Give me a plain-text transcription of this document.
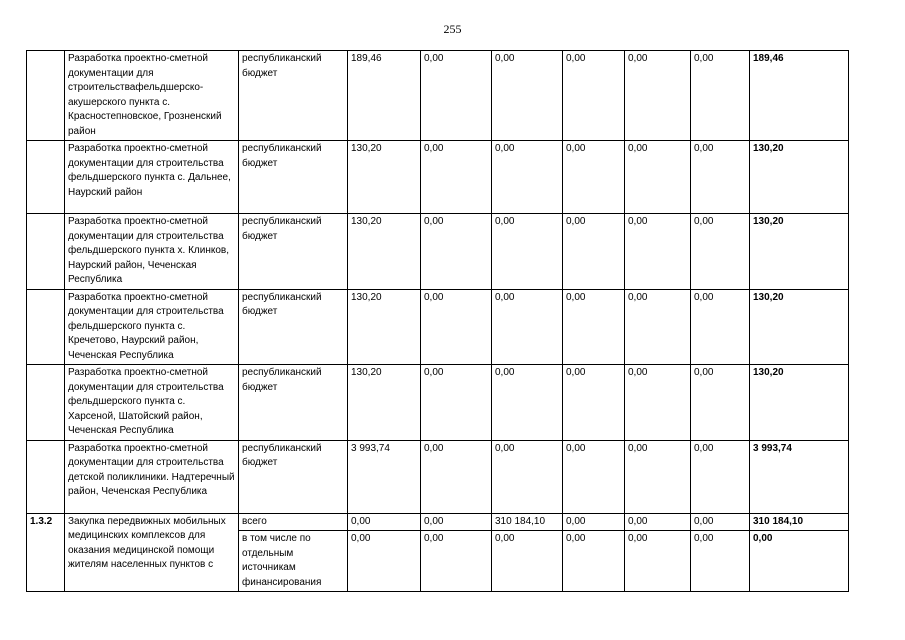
255
	Разработка проектно-сметной документации для строительствафельдшерско-акушерского пункта с. Красностепновское, Грозненский район	республиканский бюджет	189,46	0,00	0,00	0,00	0,00	0,00	189,46
	Разработка проектно-сметной документации для строительства фельдшерского пункта с. Дальнее, Наурский район	республиканский бюджет	130,20	0,00	0,00	0,00	0,00	0,00	130,20
	Разработка проектно-сметной документации для строительства фельдшерского пункта х. Клинков, Наурский район, Чеченская Республика	республиканский бюджет	130,20	0,00	0,00	0,00	0,00	0,00	130,20
	Разработка проектно-сметной документации для строительства фельдшерского пункта с. Кречетово, Наурский район, Чеченская Республика	республиканский бюджет	130,20	0,00	0,00	0,00	0,00	0,00	130,20
	Разработка проектно-сметной документации для строительства фельдшерского пункта с. Харсеной, Шатойский район, Чеченская Республика	республиканский бюджет	130,20	0,00	0,00	0,00	0,00	0,00	130,20
	Разработка проектно-сметной документации для строительства детской поликлиники. Надтеречный район, Чеченская Республика	республиканский бюджет	3 993,74	0,00	0,00	0,00	0,00	0,00	3 993,74
1.3.2	Закупка передвижных мобильных медицинских комплексов для оказания медицинской помощи жителям населенных пунктов с	всего	0,00	0,00	310 184,10	0,00	0,00	0,00	310 184,10
		в том числе по отдельным источникам финансирования	0,00	0,00	0,00	0,00	0,00	0,00	0,00
